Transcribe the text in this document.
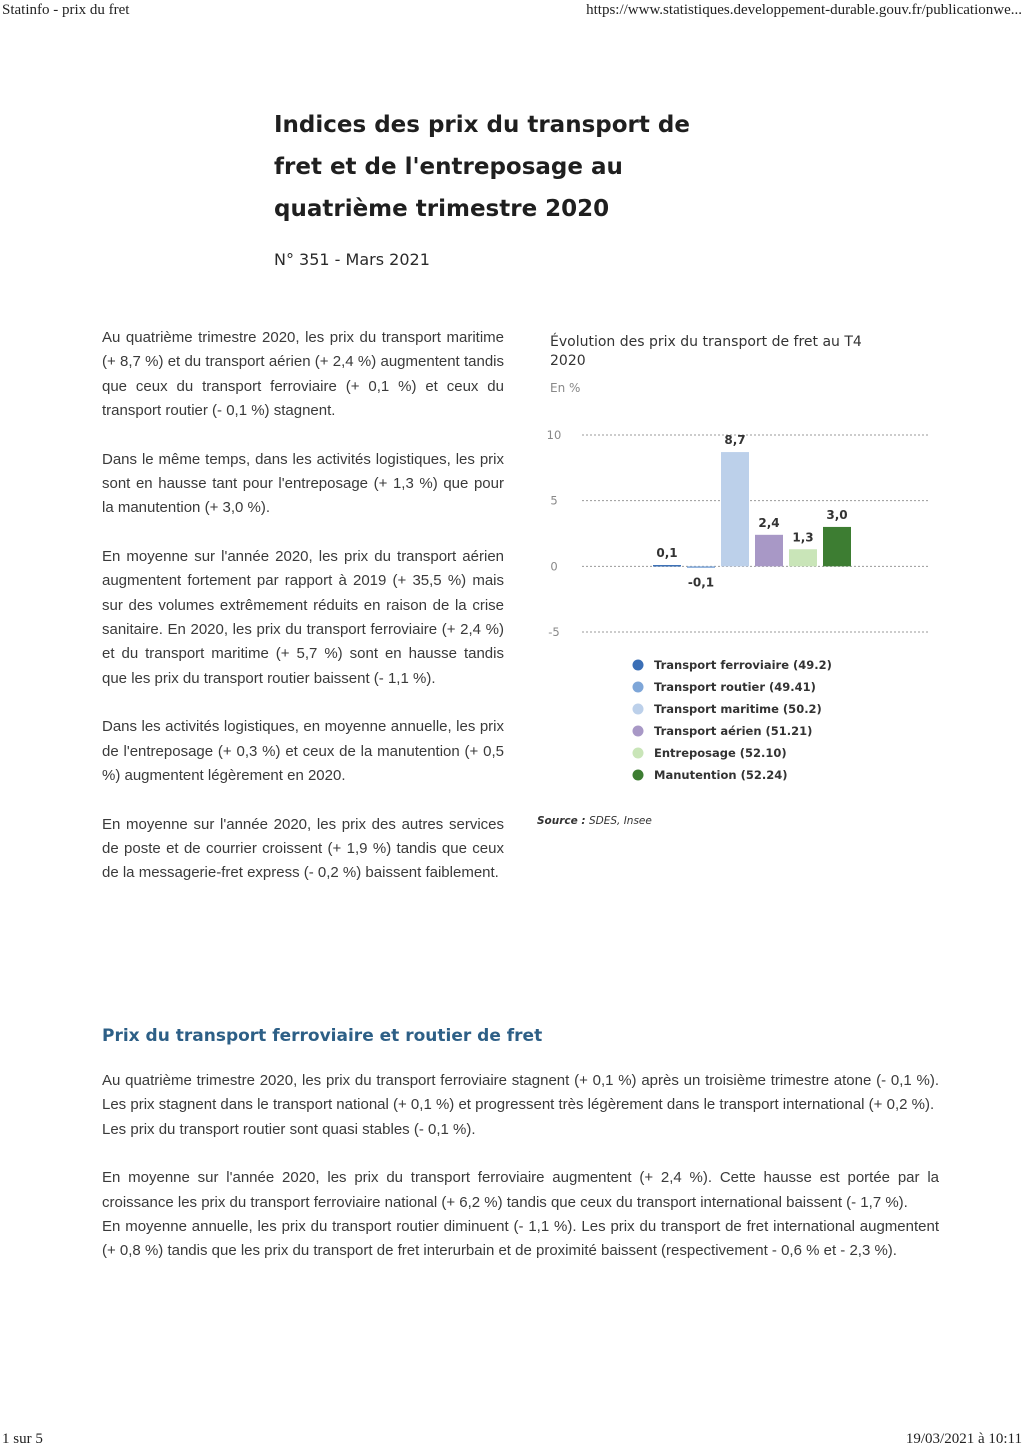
Statinfo - prix du fret	https://www.statistiques.developpement-durable.gouv.fr/publicationwe...
Indices des prix du transport de fret et de l'entreposage au quatrième trimestre 2020
N° 351 - Mars 2021

Au quatrième trimestre 2020, les prix du transport maritime (+ 8,7 %) et du transport aérien (+ 2,4 %) augmentent tandis que ceux du transport ferroviaire (+ 0,1 %) et ceux du transport routier (- 0,1 %) stagnent.

Dans le même temps, dans les activités logistiques, les prix sont en hausse tant pour l'entreposage (+ 1,3 %) que pour la manutention (+ 3,0 %).

En moyenne sur l'année 2020, les prix du transport aérien augmentent fortement par rapport à 2019 (+ 35,5 %) mais sur des volumes extrêmement réduits en raison de la crise sanitaire. En 2020, les prix du transport ferroviaire (+ 2,4 %) et du transport maritime (+ 5,7 %) sont en hausse tandis que les prix du transport routier baissent (- 1,1 %).

Dans les activités logistiques, en moyenne annuelle, les prix de l'entreposage (+ 0,3 %) et ceux de la manutention (+ 0,5 %) augmentent légèrement en 2020.

En moyenne sur l'année 2020, les prix des autres services de poste et de courrier croissent (+ 1,9 %) tandis que ceux de la messagerie-fret express (- 0,2 %) baissent faiblement.

Évolution des prix du transport de fret au T4 2020

En %
10
5
0
-5
0,1
-0,1
8,7
2,4
1,3
3,0
Transport ferroviaire (49.2)
Transport routier (49.41)
Transport maritime (50.2)
Transport aérien (51.21)
Entreposage (52.10)
Manutention (52.24)
Source : SDES, Insee
Prix du transport ferroviaire et routier de fret

Au quatrième trimestre 2020, les prix du transport ferroviaire stagnent (+ 0,1 %) après un troisième trimestre atone (- 0,1 %). Les prix stagnent dans le transport national (+ 0,1 %) et progressent très légèrement dans le transport international (+ 0,2 %).

Les prix du transport routier sont quasi stables (- 0,1 %).

En moyenne sur l'année 2020, les prix du transport ferroviaire augmentent (+ 2,4 %). Cette hausse est portée par la croissance les prix du transport ferroviaire national (+ 6,2 %) tandis que ceux du transport international baissent (- 1,7 %).

En moyenne annuelle, les prix du transport routier diminuent (- 1,1 %). Les prix du transport de fret international augmentent (+ 0,8 %) tandis que les prix du transport de fret interurbain et de proximité baissent (respectivement - 0,6 % et - 2,3 %).

1 sur 5	19/03/2021 à 10:11
